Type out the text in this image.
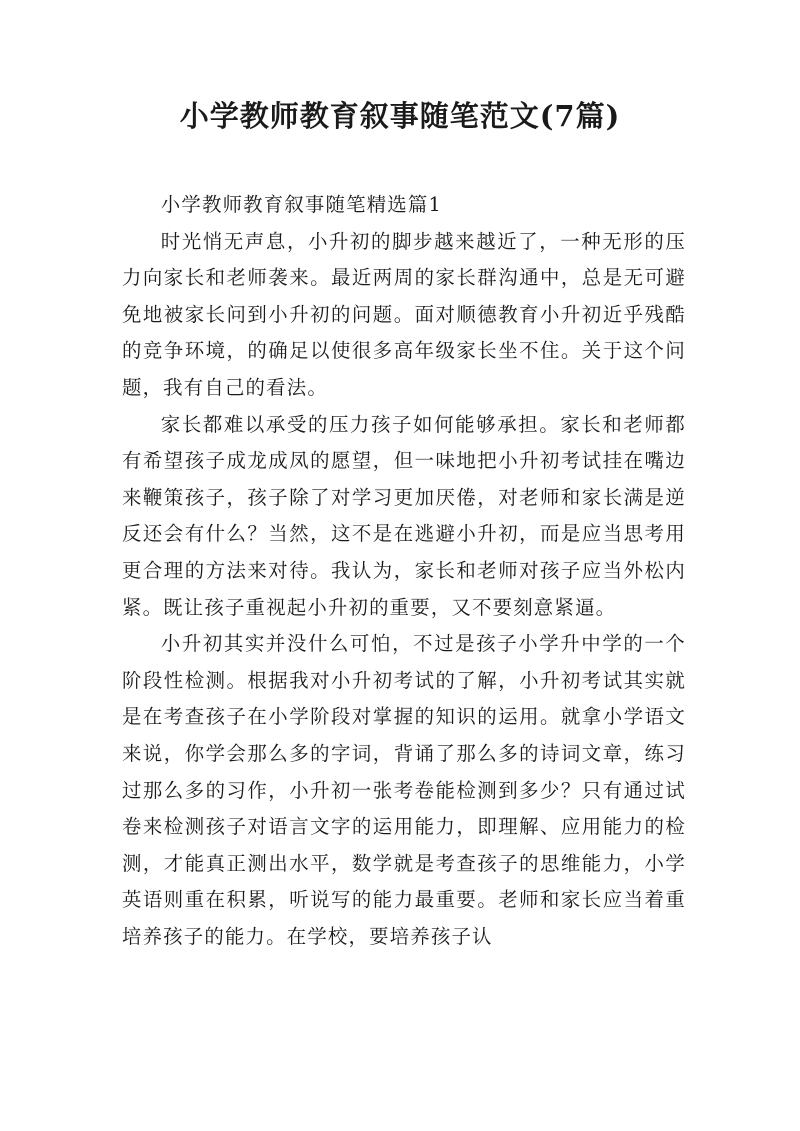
小学教师教育叙事随笔范文(7篇)

小学教师教育叙事随笔精选篇1

时光悄无声息，小升初的脚步越来越近了，一种无形的压力向家长和老师袭来。最近两周的家长群沟通中，总是无可避免地被家长问到小升初的问题。面对顺德教育小升初近乎残酷的竞争环境，的确足以使很多高年级家长坐不住。关于这个问题，我有自己的看法。

家长都难以承受的压力孩子如何能够承担。家长和老师都有希望孩子成龙成凤的愿望，但一味地把小升初考试挂在嘴边来鞭策孩子，孩子除了对学习更加厌倦，对老师和家长满是逆反还会有什么？当然，这不是在逃避小升初，而是应当思考用更合理的方法来对待。我认为，家长和老师对孩子应当外松内紧。既让孩子重视起小升初的重要，又不要刻意紧逼。

小升初其实并没什么可怕，不过是孩子小学升中学的一个阶段性检测。根据我对小升初考试的了解，小升初考试其实就是在考查孩子在小学阶段对掌握的知识的运用。就拿小学语文来说，你学会那么多的字词，背诵了那么多的诗词文章，练习过那么多的习作，小升初一张考卷能检测到多少？只有通过试卷来检测孩子对语言文字的运用能力，即理解、应用能力的检测，才能真正测出水平，数学就是考查孩子的思维能力，小学英语则重在积累，听说写的能力最重要。老师和家长应当着重培养孩子的能力。在学校，要培养孩子认
